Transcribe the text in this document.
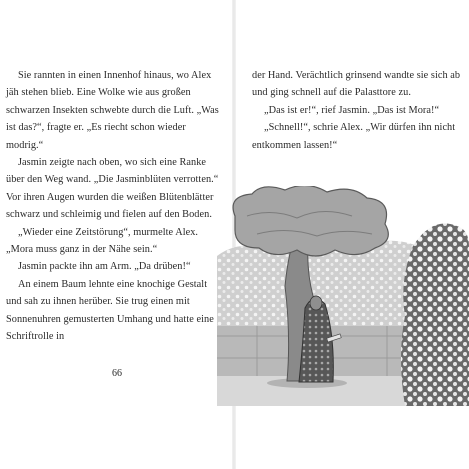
Sie rannten in einen Innenhof hinaus, wo Alex jäh stehen blieb. Eine Wolke wie aus großen schwarzen Insekten schwebte durch die Luft. „Was ist das?“, fragte er. „Es riecht schon wieder modrig.“

Jasmin zeigte nach oben, wo sich eine Ranke über den Weg wand. „Die Jasminblüten verrotten.“ Vor ihren Augen wurden die weißen Blütenblätter schwarz und schleimig und fielen auf den Boden.

„Wieder eine Zeitstörung“, murmelte Alex. „Mora muss ganz in der Nähe sein.“

Jasmin packte ihn am Arm. „Da drüben!“

An einem Baum lehnte eine knochige Gestalt und sah zu ihnen herüber. Sie trug einen mit Sonnenuhren gemusterten Umhang und hatte eine Schriftrolle in

66

der Hand. Verächtlich grinsend wandte sie sich ab und ging schnell auf die Palasttore zu.

„Das ist er!“, rief Jasmin. „Das ist Mora!“

„Schnell!“, schrie Alex. „Wir dürfen ihn nicht entkommen lassen!“
